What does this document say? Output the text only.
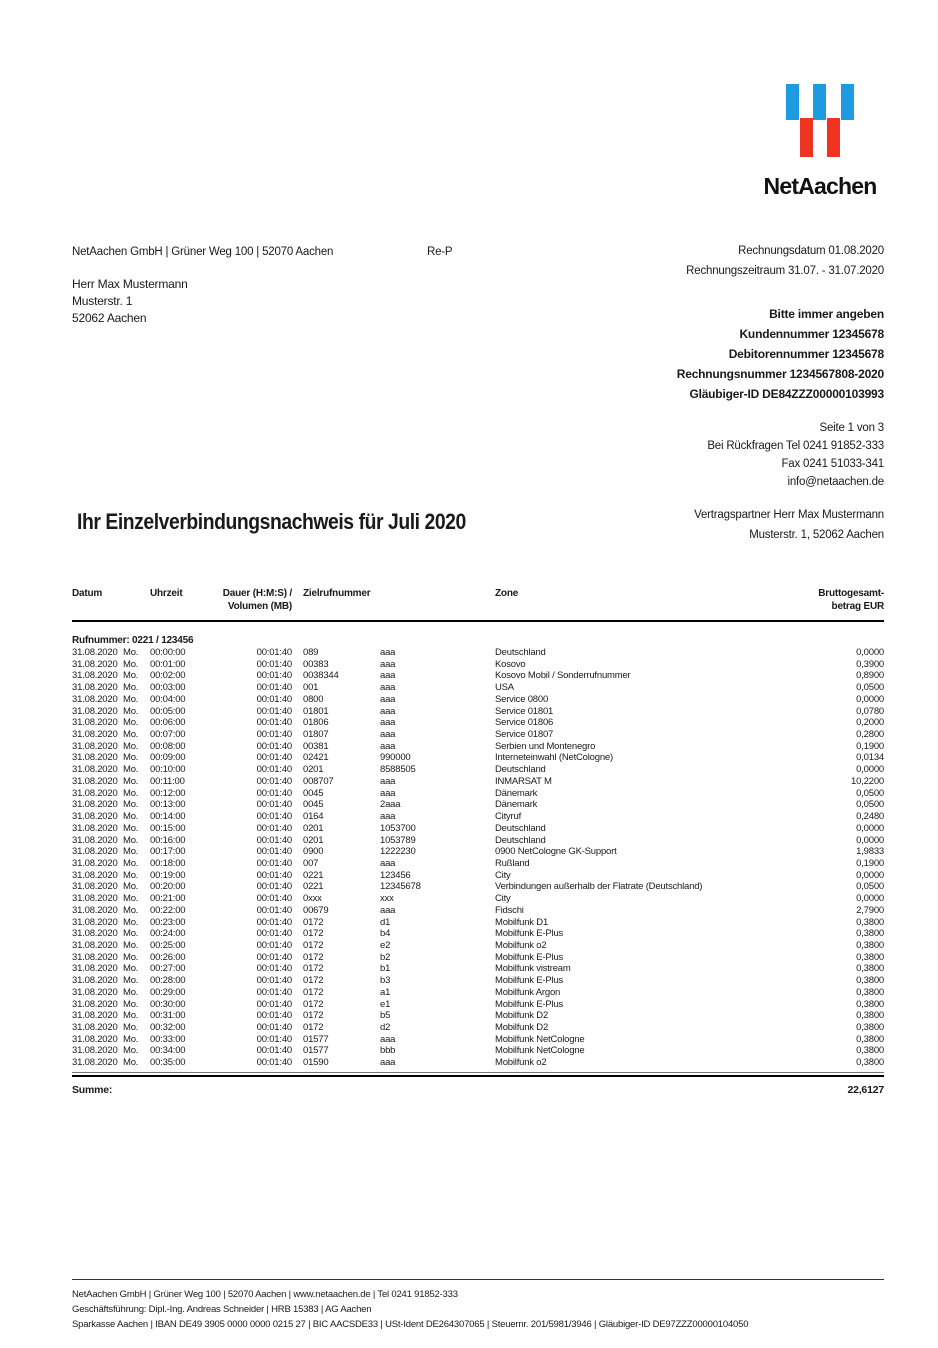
NetAachen
NetAachen GmbH | Grüner Weg 100 | 52070 Aachen	Re-P
Herr Max Mustermann
Musterstr. 1
52062 Aachen
Rechnungsdatum 01.08.2020
Rechnungszeitraum 31.07. - 31.07.2020
Bitte immer angeben
Kundennummer 12345678
Debitorennummer 12345678
Rechnungsnummer 1234567808-2020
Gläubiger-ID DE84ZZZ00000103993
Seite 1 von 3
Bei Rückfragen Tel 0241 91852-333
Fax 0241 51033-341
info@netaachen.de
Vertragspartner Herr Max Mustermann
Musterstr. 1, 52062 Aachen
Ihr Einzelverbindungsnachweis für Juli 2020
Datum	Uhrzeit	Dauer (H:M:S) /
Volumen (MB)
Zielrufnummer	Zone	Bruttogesamt-
betrag EUR
Rufnummer: 0221 / 123456
31.08.2020 Mo.	00:00:00	00:01:40	089	aaa	Deutschland	0,0000
31.08.2020 Mo.	00:01:00	00:01:40	00383	aaa	Kosovo	0,3900
31.08.2020 Mo.	00:02:00	00:01:40	0038344	aaa	Kosovo Mobil / Sonderrufnummer	0,8900
31.08.2020 Mo.	00:03:00	00:01:40	001	aaa	USA	0,0500
31.08.2020 Mo.	00:04:00	00:01:40	0800	aaa	Service 0800	0,0000
31.08.2020 Mo.	00:05:00	00:01:40	01801	aaa	Service 01801	0,0780
31.08.2020 Mo.	00:06:00	00:01:40	01806	aaa	Service 01806	0,2000
31.08.2020 Mo.	00:07:00	00:01:40	01807	aaa	Service 01807	0,2800
31.08.2020 Mo.	00:08:00	00:01:40	00381	aaa	Serbien und Montenegro	0,1900
31.08.2020 Mo.	00:09:00	00:01:40	02421	990000	Interneteinwahl (NetCologne)	0,0134
31.08.2020 Mo.	00:10:00	00:01:40	0201	8588505	Deutschland	0,0000
31.08.2020 Mo.	00:11:00	00:01:40	008707	aaa	INMARSAT M	10,2200
31.08.2020 Mo.	00:12:00	00:01:40	0045	aaa	Dänemark	0,0500
31.08.2020 Mo.	00:13:00	00:01:40	0045	2aaa	Dänemark	0,0500
31.08.2020 Mo.	00:14:00	00:01:40	0164	aaa	Cityruf	0,2480
31.08.2020 Mo.	00:15:00	00:01:40	0201	1053700	Deutschland	0,0000
31.08.2020 Mo.	00:16:00	00:01:40	0201	1053789	Deutschland	0,0000
31.08.2020 Mo.	00:17:00	00:01:40	0900	1222230	0900 NetCologne GK-Support	1,9833
31.08.2020 Mo.	00:18:00	00:01:40	007	aaa	Rußland	0,1900
31.08.2020 Mo.	00:19:00	00:01:40	0221	123456	City	0,0000
31.08.2020 Mo.	00:20:00	00:01:40	0221	12345678	Verbindungen außerhalb der Flatrate (Deutschland)	0,0500
31.08.2020 Mo.	00:21:00	00:01:40	0xxx	xxx	City	0,0000
31.08.2020 Mo.	00:22:00	00:01:40	00679	aaa	Fidschi	2,7900
31.08.2020 Mo.	00:23:00	00:01:40	0172	d1	Mobilfunk D1	0,3800
31.08.2020 Mo.	00:24:00	00:01:40	0172	b4	Mobilfunk E-Plus	0,3800
31.08.2020 Mo.	00:25:00	00:01:40	0172	e2	Mobilfunk o2	0,3800
31.08.2020 Mo.	00:26:00	00:01:40	0172	b2	Mobilfunk E-Plus	0,3800
31.08.2020 Mo.	00:27:00	00:01:40	0172	b1	Mobilfunk vistream	0,3800
31.08.2020 Mo.	00:28:00	00:01:40	0172	b3	Mobilfunk E-Plus	0,3800
31.08.2020 Mo.	00:29:00	00:01:40	0172	a1	Mobilfunk Argon	0,3800
31.08.2020 Mo.	00:30:00	00:01:40	0172	e1	Mobilfunk E-Plus	0,3800
31.08.2020 Mo.	00:31:00	00:01:40	0172	b5	Mobilfunk D2	0,3800
31.08.2020 Mo.	00:32:00	00:01:40	0172	d2	Mobilfunk D2	0,3800
31.08.2020 Mo.	00:33:00	00:01:40	01577	aaa	Mobilfunk NetCologne	0,3800
31.08.2020 Mo.	00:34:00	00:01:40	01577	bbb	Mobilfunk NetCologne	0,3800
31.08.2020 Mo.	00:35:00	00:01:40	01590	aaa	Mobilfunk o2	0,3800
Summe:	22,6127
NetAachen GmbH | Grüner Weg 100 | 52070 Aachen | www.netaachen.de | Tel 0241 91852-333
Geschäftsführung: Dipl.-Ing. Andreas Schneider | HRB 15383 | AG Aachen
Sparkasse Aachen | IBAN DE49 3905 0000 0000 0215 27 | BIC AACSDE33 | USt-Ident DE264307065 | Steuernr. 201/5981/3946 | Gläubiger-ID DE97ZZZ00000104050
